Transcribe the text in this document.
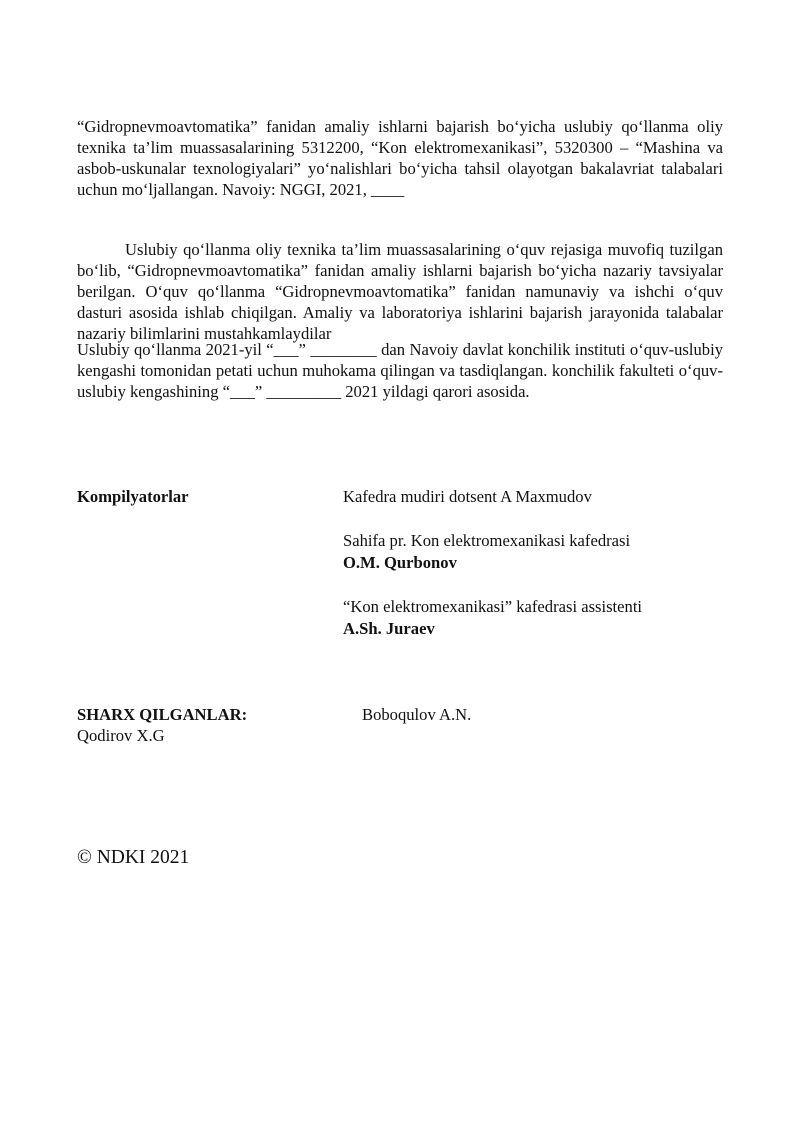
“Gidropnevmoavtomatika” fanidan amaliy ishlarni bajarish boʻyicha uslubiy qoʻllanma oliy texnika ta’lim muassasalarining 5312200, “Kon elektromexanikasi”, 5320300 – “Mashina va asbob-uskunalar texnologiyalari” yoʻnalishlari boʻyicha tahsil olayotgan bakalavriat talabalari uchun moʻljallangan. Navoiy: NGGI, 2021, ____

Uslubiy qoʻllanma oliy texnika ta’lim muassasalarining oʻquv rejasiga muvofiq tuzilgan boʻlib, “Gidropnevmoavtomatika” fanidan amaliy ishlarni bajarish boʻyicha nazariy tavsiyalar berilgan. Oʻquv qoʻllanma “Gidropnevmoavtomatika” fanidan namunaviy va ishchi oʻquv dasturi asosida ishlab chiqilgan. Amaliy va laboratoriya ishlarini bajarish jarayonida talabalar nazariy bilimlarini mustahkamlaydilar

Uslubiy qoʻllanma 2021-yil “___” ________ dan Navoiy davlat konchilik instituti oʻquv-uslubiy kengashi tomonidan petati uchun muhokama qilingan va tasdiqlangan. konchilik fakulteti oʻquv-uslubiy kengashining “___” _________ 2021 yildagi qarori asosida.

Kompilyatorlar	Kafedra mudiri dotsent A Maxmudov
Sahifa pr. Kon elektromexanikasi kafedrasi
O.M. Qurbonov
“Kon elektromexanikasi” kafedrasi assistenti
A.Sh. Juraev
SHARX QILGANLAR:	Boboqulov A.N.
Qodirov X.G
© NDKI 2021
